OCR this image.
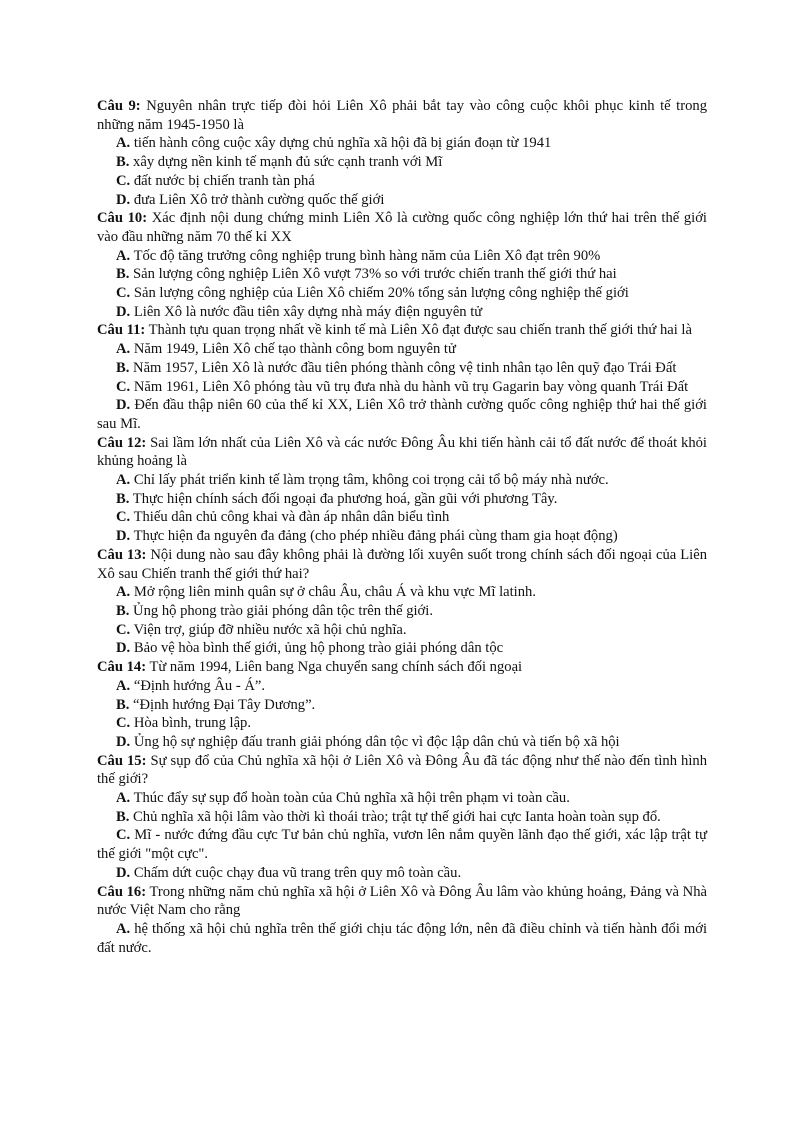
Câu 9: Nguyên nhân trực tiếp đòi hỏi Liên Xô phải bắt tay vào công cuộc khôi phục kinh tế trong những năm 1945-1950 là

A. tiến hành công cuộc xây dựng chủ nghĩa xã hội đã bị gián đoạn từ 1941

B. xây dựng nền kinh tế mạnh đủ sức cạnh tranh với Mĩ

C. đất nước bị chiến tranh tàn phá

D. đưa Liên Xô trở thành cường quốc thế giới

Câu 10: Xác định nội dung chứng minh Liên Xô là cường quốc công nghiệp lớn thứ hai trên thế giới vào đầu những năm 70 thế kỉ XX

A. Tốc độ tăng trưởng công nghiệp trung bình hàng năm của Liên Xô đạt trên 90%

B. Sản lượng công nghiệp Liên Xô vượt 73% so với trước chiến tranh thế giới thứ hai

C. Sản lượng công nghiệp của Liên Xô chiếm 20% tổng sản lượng công nghiệp thế giới

D. Liên Xô là nước đầu tiên xây dựng nhà máy điện nguyên tử

Câu 11: Thành tựu quan trọng nhất về kinh tế mà Liên Xô đạt được sau chiến tranh thế giới thứ hai là

A. Năm 1949, Liên Xô chế tạo thành công bom nguyên tử

B. Năm 1957, Liên Xô là nước đầu tiên phóng thành công vệ tinh nhân tạo lên quỹ đạo Trái Đất

C. Năm 1961, Liên Xô phóng tàu vũ trụ đưa nhà du hành vũ trụ Gagarin bay vòng quanh Trái Đất

D. Đến đầu thập niên 60 của thế kỉ XX, Liên Xô trở thành cường quốc công nghiệp thứ hai thế giới sau Mĩ.

Câu 12: Sai lầm lớn nhất của Liên Xô và các nước Đông Âu khi tiến hành cải tổ đất nước để thoát khỏi khủng hoảng là

A. Chỉ lấy phát triển kinh tế làm trọng tâm, không coi trọng cải tổ bộ máy nhà nước.

B. Thực hiện chính sách đối ngoại đa phương hoá, gần gũi với phương Tây.

C. Thiếu dân chủ công khai và đàn áp nhân dân biểu tình

D. Thực hiện đa nguyên đa đảng (cho phép nhiều đảng phái cùng tham gia hoạt động)

Câu 13: Nội dung nào sau đây không phải là đường lối xuyên suốt trong chính sách đối ngoại của Liên Xô sau Chiến tranh thế giới thứ hai?

A. Mở rộng liên minh quân sự ở châu Âu, châu Á và khu vực Mĩ latinh.

B. Ủng hộ phong trào giải phóng dân tộc trên thế giới.

C. Viện trợ, giúp đỡ nhiều nước xã hội chủ nghĩa.

D. Bảo vệ hòa bình thế giới, ủng hộ phong trào giải phóng dân tộc

Câu 14: Từ năm 1994, Liên bang Nga chuyển sang chính sách đối ngoại

A. “Định hướng Âu - Á”.

B. “Định hướng Đại Tây Dương”.

C. Hòa bình, trung lập.

D. Ủng hộ sự nghiệp đấu tranh giải phóng dân tộc vì độc lập dân chủ và tiến bộ xã hội

Câu 15: Sự sụp đổ của Chủ nghĩa xã hội ở Liên Xô và Đông Âu đã tác động như thế nào đến tình hình thế giới?

A. Thúc đẩy sự sụp đổ hoàn toàn của Chủ nghĩa xã hội trên phạm vi toàn cầu.

B. Chủ nghĩa xã hội lâm vào thời kì thoái trào; trật tự thế giới hai cực Ianta hoàn toàn sụp đổ.

C. Mĩ - nước đứng đầu cực Tư bản chủ nghĩa, vươn lên nắm quyền lãnh đạo thế giới, xác lập trật tự thế giới "một cực".

D. Chấm dứt cuộc chạy đua vũ trang trên quy mô toàn cầu.

Câu 16: Trong những năm chủ nghĩa xã hội ở Liên Xô và Đông Âu lâm vào khủng hoảng, Đảng và Nhà nước Việt Nam cho rằng

A. hệ thống xã hội chủ nghĩa trên thế giới chịu tác động lớn, nên đã điều chỉnh và tiến hành đổi mới đất nước.
